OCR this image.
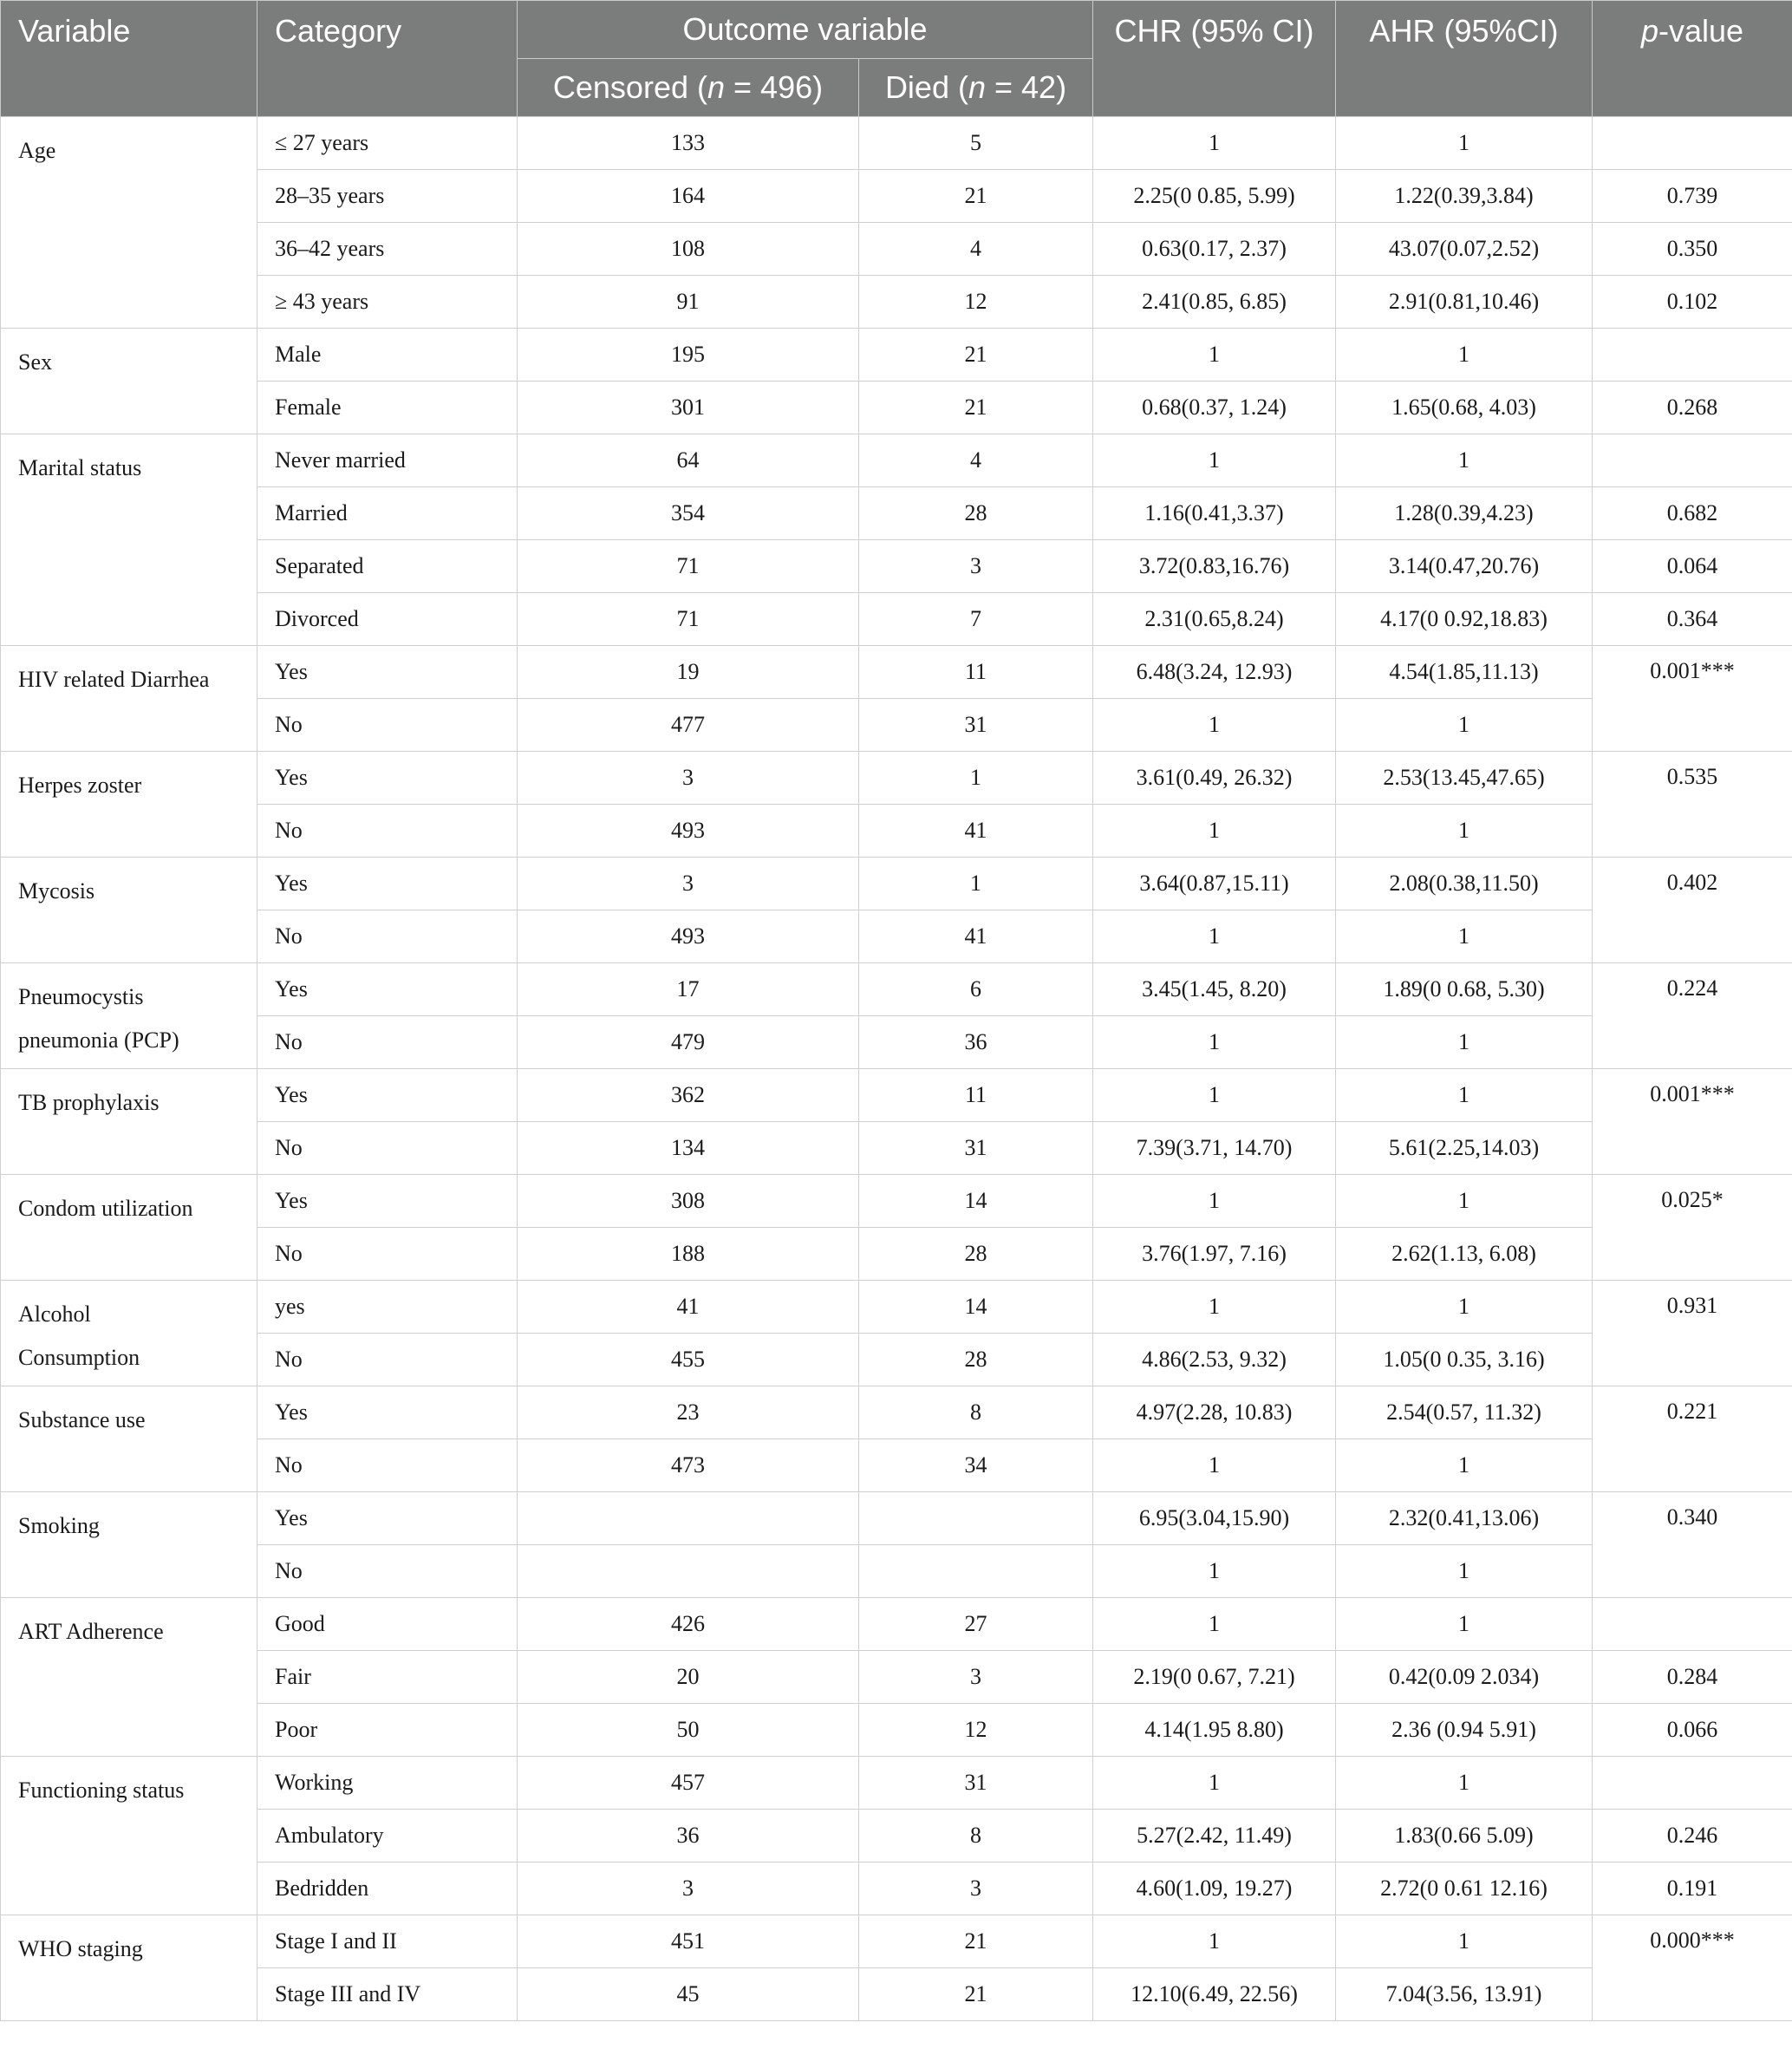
Variable	Category	Outcome variable		CHR (95% CI)	AHR (95%CI)	p-value
		Censored (n = 496)	Died (n = 42)			
Age	≤ 27 years	133	5	1	1	
	28–35 years	164	21	2.25(0 0.85, 5.99)	1.22(0.39,3.84)	0.739
	36–42 years	108	4	0.63(0.17, 2.37)	43.07(0.07,2.52)	0.350
	≥ 43 years	91	12	2.41(0.85, 6.85)	2.91(0.81,10.46)	0.102
Sex	Male	195	21	1	1	
	Female	301	21	0.68(0.37, 1.24)	1.65(0.68, 4.03)	0.268
Marital status	Never married	64	4	1	1	
	Married	354	28	1.16(0.41,3.37)	1.28(0.39,4.23)	0.682
	Separated	71	3	3.72(0.83,16.76)	3.14(0.47,20.76)	0.064
	Divorced	71	7	2.31(0.65,8.24)	4.17(0 0.92,18.83)	0.364
HIV related Diarrhea	Yes	19	11	6.48(3.24, 12.93)	4.54(1.85,11.13)	0.001***
	No	477	31	1	1	
Herpes zoster	Yes	3	1	3.61(0.49, 26.32)	2.53(13.45,47.65)	0.535
	No	493	41	1	1	
Mycosis	Yes	3	1	3.64(0.87,15.11)	2.08(0.38,11.50)	0.402
	No	493	41	1	1	
Pneumocystis
pneumonia (PCP)	Yes	17	6	3.45(1.45, 8.20)	1.89(0 0.68, 5.30)	0.224
	No	479	36	1	1	
TB prophylaxis	Yes	362	11	1	1	0.001***
	No	134	31	7.39(3.71, 14.70)	5.61(2.25,14.03)	
Condom utilization	Yes	308	14	1	1	0.025*
	No	188	28	3.76(1.97, 7.16)	2.62(1.13, 6.08)	
Alcohol
Consumption	yes	41	14	1	1	0.931
	No	455	28	4.86(2.53, 9.32)	1.05(0 0.35, 3.16)	
Substance use	Yes	23	8	4.97(2.28, 10.83)	2.54(0.57, 11.32)	0.221
	No	473	34	1	1	
Smoking	Yes			6.95(3.04,15.90)	2.32(0.41,13.06)	0.340
	No			1	1	
ART Adherence	Good	426	27	1	1	
	Fair	20	3	2.19(0 0.67, 7.21)	0.42(0.09 2.034)	0.284
	Poor	50	12	4.14(1.95 8.80)	2.36 (0.94 5.91)	0.066
Functioning status	Working	457	31	1	1	
	Ambulatory	36	8	5.27(2.42, 11.49)	1.83(0.66 5.09)	0.246
	Bedridden	3	3	4.60(1.09, 19.27)	2.72(0 0.61 12.16)	0.191
WHO staging	Stage I and II	451	21	1	1	0.000***
	Stage III and IV	45	21	12.10(6.49, 22.56)	7.04(3.56, 13.91)	
